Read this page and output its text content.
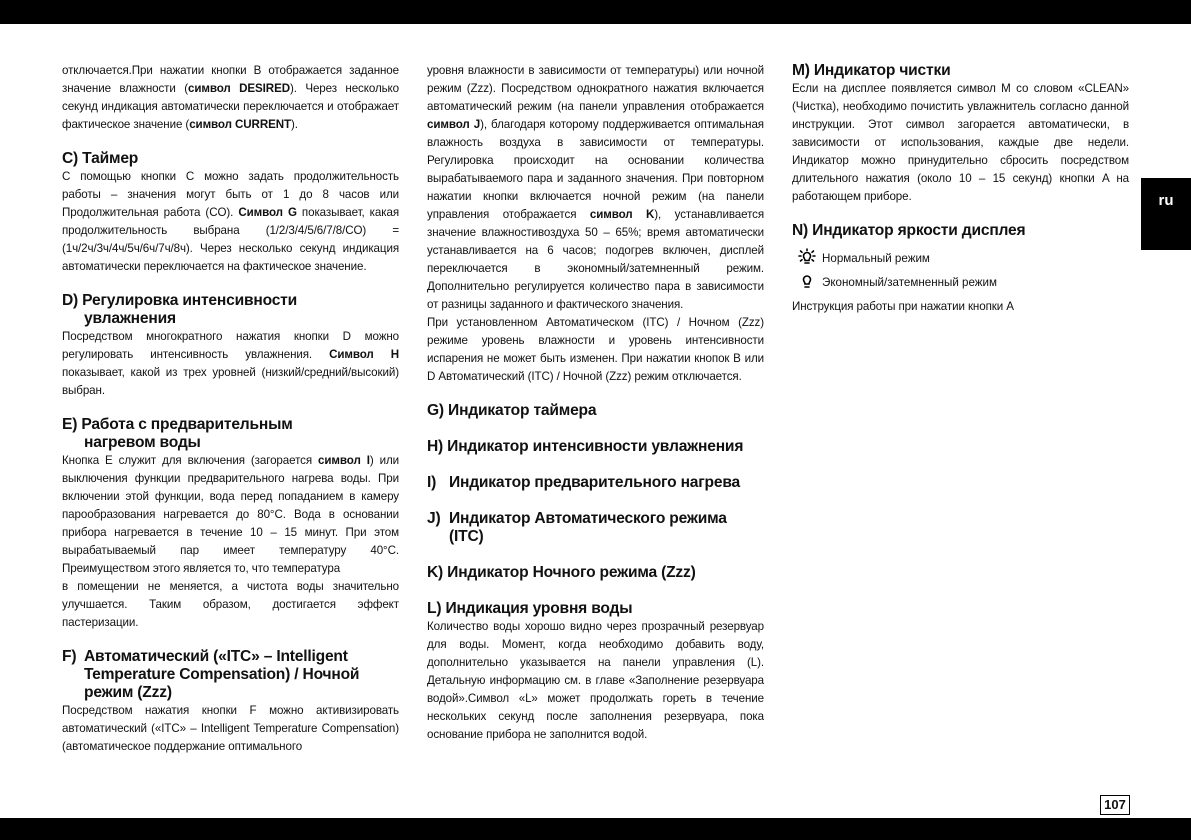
ru
107

отключается.При нажатии кнопки В отображается заданное значение влажности (символ DESIRED). Через несколько секунд индикация автоматически переключается и отображает фактическое значение (символ CURRENT).

C) Таймер

С помощью кнопки С можно задать продолжительность работы – значения могут быть от 1 до 8 часов или Продолжительная работа (CO). Символ G показывает, какая продолжительность выбрана (1/2/3/4/5/6/7/8/CO) = (1ч/2ч/3ч/4ч/5ч/6ч/7ч/8ч). Через несколько секунд индикация автоматически переключается на фактическое значение.

D) Регулировка интенсивности
увлажнения

Посредством многократного нажатия кнопки D можно регулировать интенсивность увлажнения. Символ H показывает, какой из трех уровней (низкий/средний/высокий) выбран.

E) Работа с предварительным
нагревом воды

Кнопка E служит для включения (загорается символ I) или выключения функции предварительного нагрева воды. При включении этой функции, вода перед попаданием в камеру парообразования нагревается до 80°C. Вода в основании прибора нагревается в течение 10 – 15 минут. При этом вырабатываемый пар имеет температуру 40°C. Преимуществом этого является то, что температура

в помещении не меняется, а чистота воды значительно улучшается. Таким образом, достигается эффект пастеризации.

F) Автоматический («ITC» – Intelligent
Temperature Compensation) / Ночной
режим (Zzz)

Посредством нажатия кнопки F можно активизировать автоматический («ITC» – Intelligent Temperature Compensation) (автоматическое поддержание оптимального

уровня влажности в зависимости от температуры) или ночной режим (Zzz). Посредством однократного нажатия включается автоматический режим (на панели управления отображается символ J), благодаря которому поддерживается оптимальная влажность воздуха в зависимости от температуры. Регулировка происходит на основании количества вырабатываемого пара и заданного значения. При повторном нажатии кнопки включается ночной режим (на панели управления отображается символ K), устанавливается значение влажностивоздуха 50 – 65%; время автоматически устанавливается на 6 часов; подогрев включен, дисплей переключается в экономный/затемненный режим. Дополнительно регулируется количество пара в зависимости от разницы заданного и фактического значения.

При установленном Автоматическом (ITC) / Ночном (Zzz) режиме уровень влажности и уровень интенсивности испарения не может быть изменен. При нажатии кнопок B или D Автоматический (ITC) / Ночной (Zzz) режим отключается.

G) Индикатор таймера
H) Индикатор интенсивности увлажнения
I) Индикатор предварительного нагрева
J) Индикатор Автоматического режима
(ITC)
K) Индикатор Ночного режима (Zzz)
L) Индикация уровня воды

Количество воды хорошо видно через прозрачный резервуар для воды. Момент, когда необходимо добавить воду, дополнительно указывается на панели управления (L). Детальную информацию см. в главе «Заполнение резервуара водой».Символ «L» может продолжать гореть в течение нескольких секунд после заполнения резервуара, пока основание прибора не заполнится водой.

M) Индикатор чистки

Если на дисплее появляется символ M со словом «CLEAN» (Чистка), необходимо почистить увлажнитель согласно данной инструкции. Этот символ загорается автоматически, в зависимости от использования, каждые две недели. Индикатор можно принудительно сбросить посредством длительного нажатия (около 10 – 15 секунд) кнопки A на работающем приборе.

N) Индикатор яркости дисплея
Нормальный режим
Экономный/затемненный режим

Инструкция работы при нажатии кнопки A
